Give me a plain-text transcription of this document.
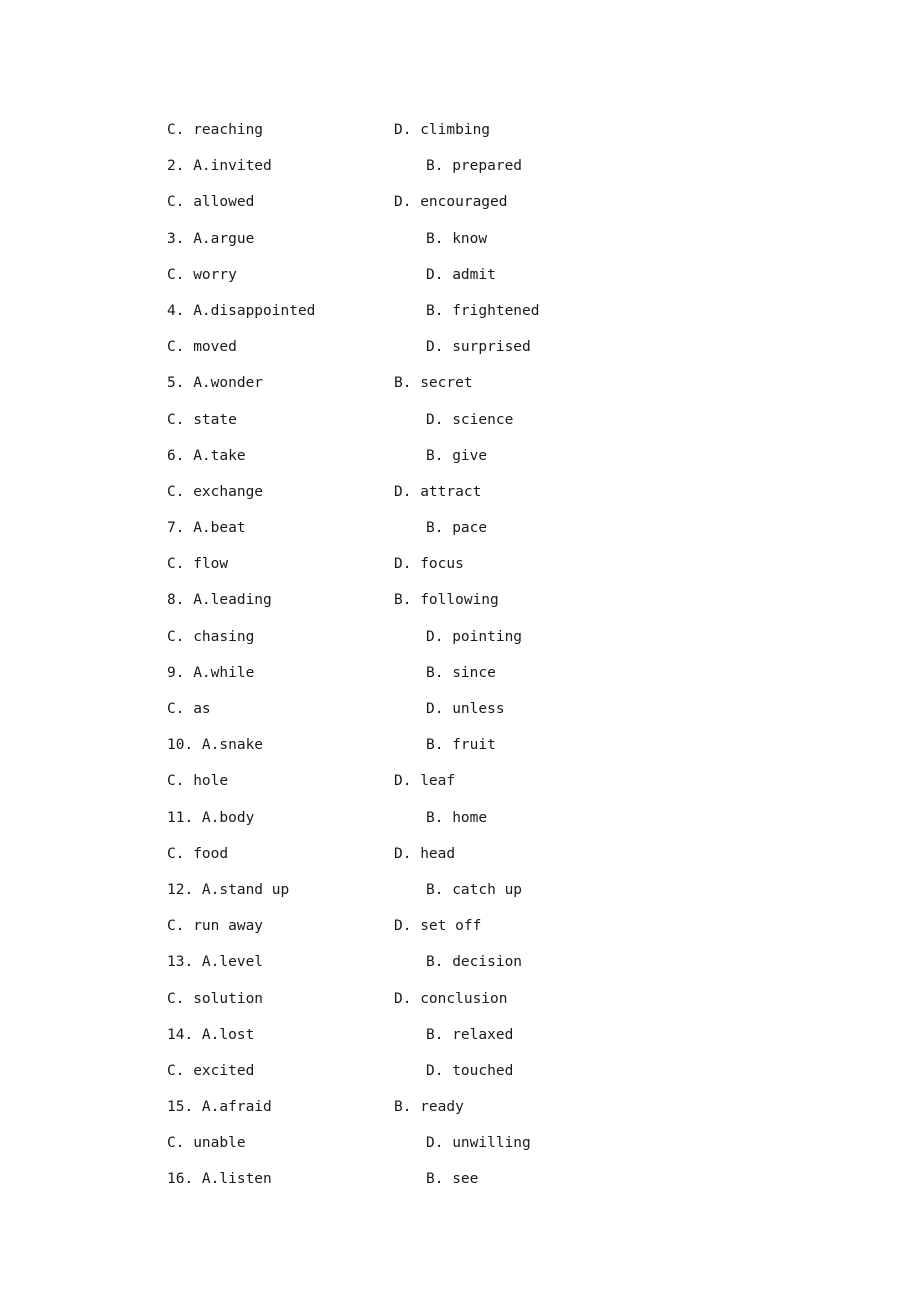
C. reaching	D. climbing
2. A.invited	B. prepared
C. allowed	D. encouraged
3. A.argue	B. know
C. worry	D. admit
4. A.disappointed	B. frightened
C. moved	D. surprised
5. A.wonder	B. secret
C. state	D. science
6. A.take	B. give
C. exchange	D. attract
7. A.beat	B. pace
C. flow	D. focus
8. A.leading	B. following
C. chasing	D. pointing
9. A.while	B. since
C. as	D. unless
10. A.snake	B. fruit
C. hole	D. leaf
11. A.body	B. home
C. food	D. head
12. A.stand up	B. catch up
C. run away	D. set off
13. A.level	B. decision
C. solution	D. conclusion
14. A.lost	B. relaxed
C. excited	D. touched
15. A.afraid	B. ready
C. unable	D. unwilling
16. A.listen	B. see
